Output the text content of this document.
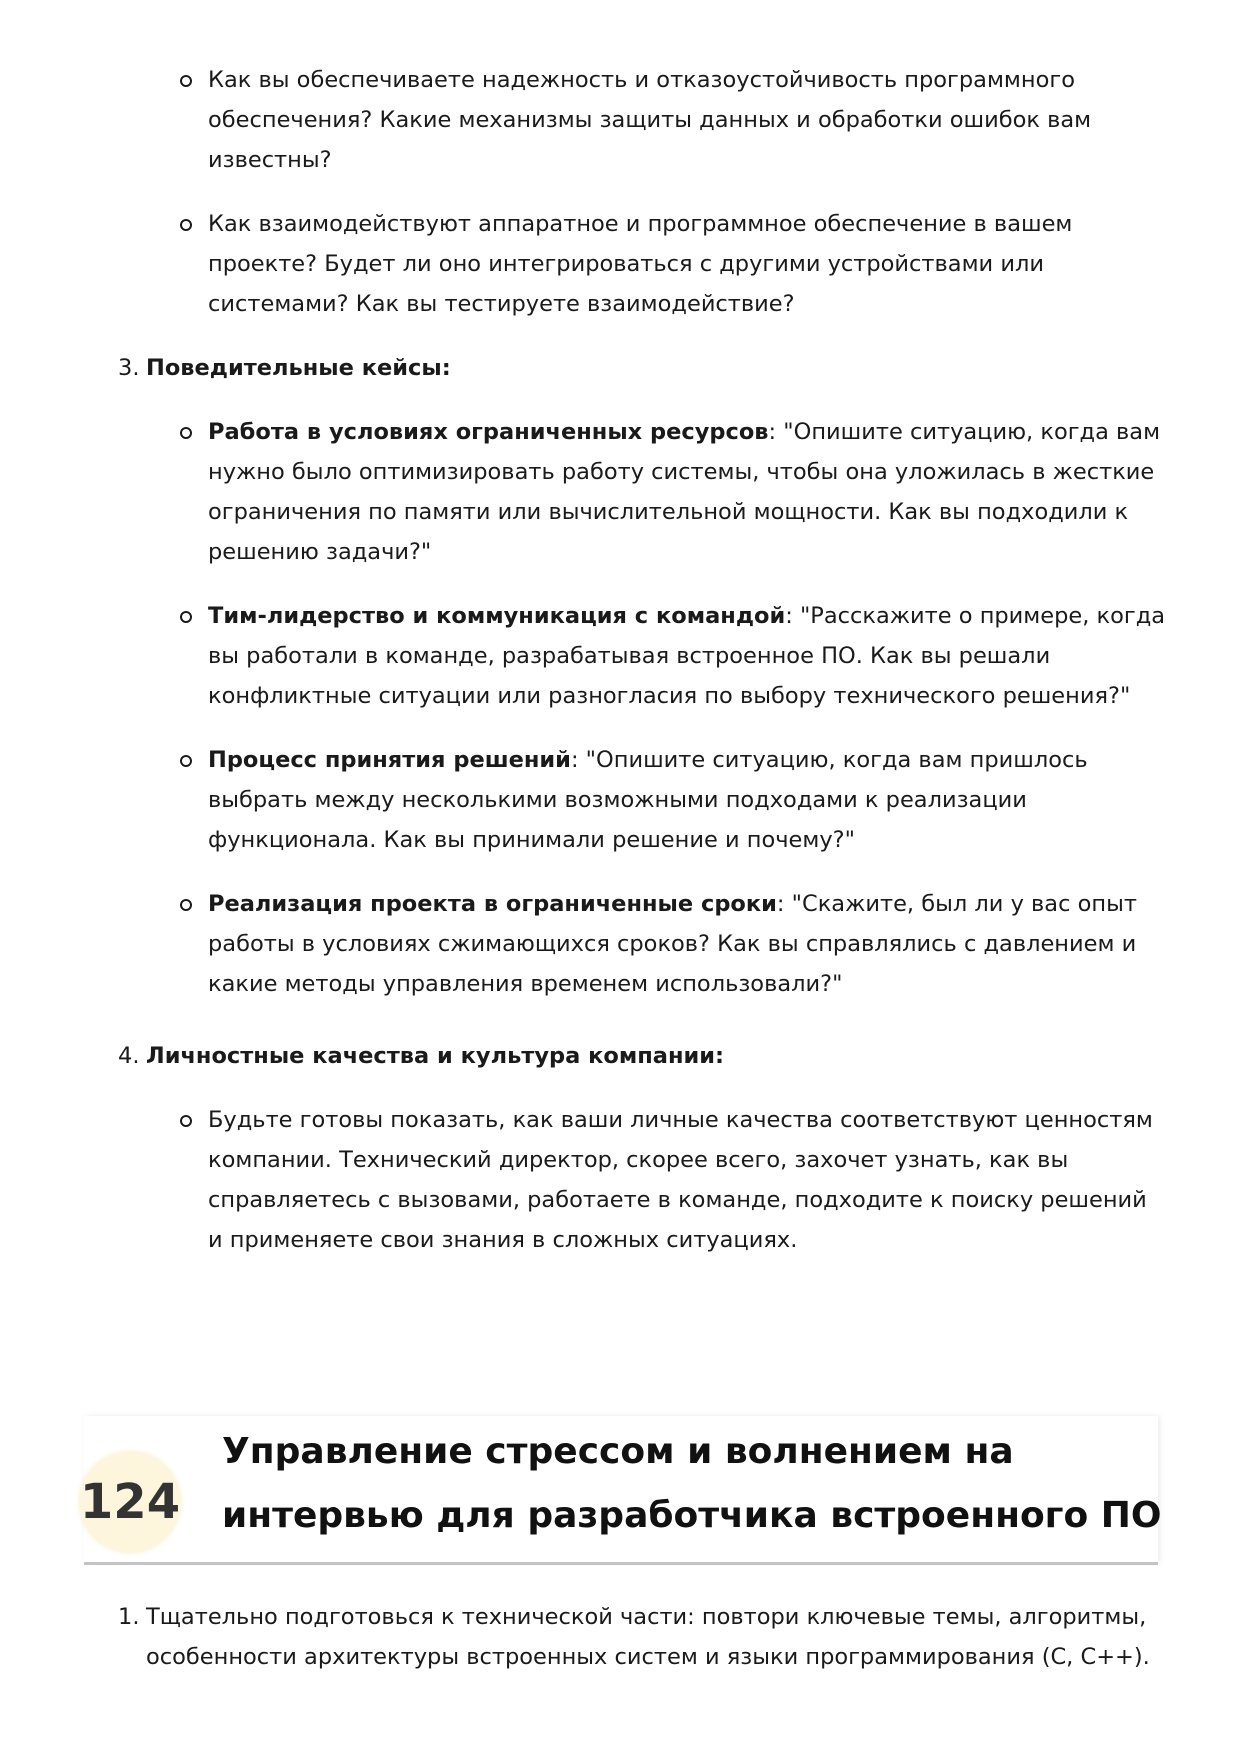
Как вы обеспечиваете надежность и отказоустойчивость программного обеспечения? Какие механизмы защиты данных и обработки ошибок вам известны?
Как взаимодействуют аппаратное и программное обеспечение в вашем проекте? Будет ли оно интегрироваться с другими устройствами или системами? Как вы тестируете взаимодействие?
3. Поведительные кейсы:
Работа в условиях ограниченных ресурсов: "Опишите ситуацию, когда вам нужно было оптимизировать работу системы, чтобы она уложилась в жесткие ограничения по памяти или вычислительной мощности. Как вы подходили к решению задачи?"
Тим-лидерство и коммуникация с командой: "Расскажите о примере, когда вы работали в команде, разрабатывая встроенное ПО. Как вы решали конфликтные ситуации или разногласия по выбору технического решения?"
Процесс принятия решений: "Опишите ситуацию, когда вам пришлось выбрать между несколькими возможными подходами к реализации функционала. Как вы принимали решение и почему?"
Реализация проекта в ограниченные сроки: "Скажите, был ли у вас опыт работы в условиях сжимающихся сроков? Как вы справлялись с давлением и какие методы управления временем использовали?"
4. Личностные качества и культура компании:
Будьте готовы показать, как ваши личные качества соответствуют ценностям компании. Технический директор, скорее всего, захочет узнать, как вы справляетесь с вызовами, работаете в команде, подходите к поиску решений и применяете свои знания в сложных ситуациях.
124
Управление стрессом и волнением на интервью для разработчика встроенного ПО
1. Тщательно подготовься к технической части: повтори ключевые темы, алгоритмы, особенности архитектуры встроенных систем и языки программирования (C, C++).
